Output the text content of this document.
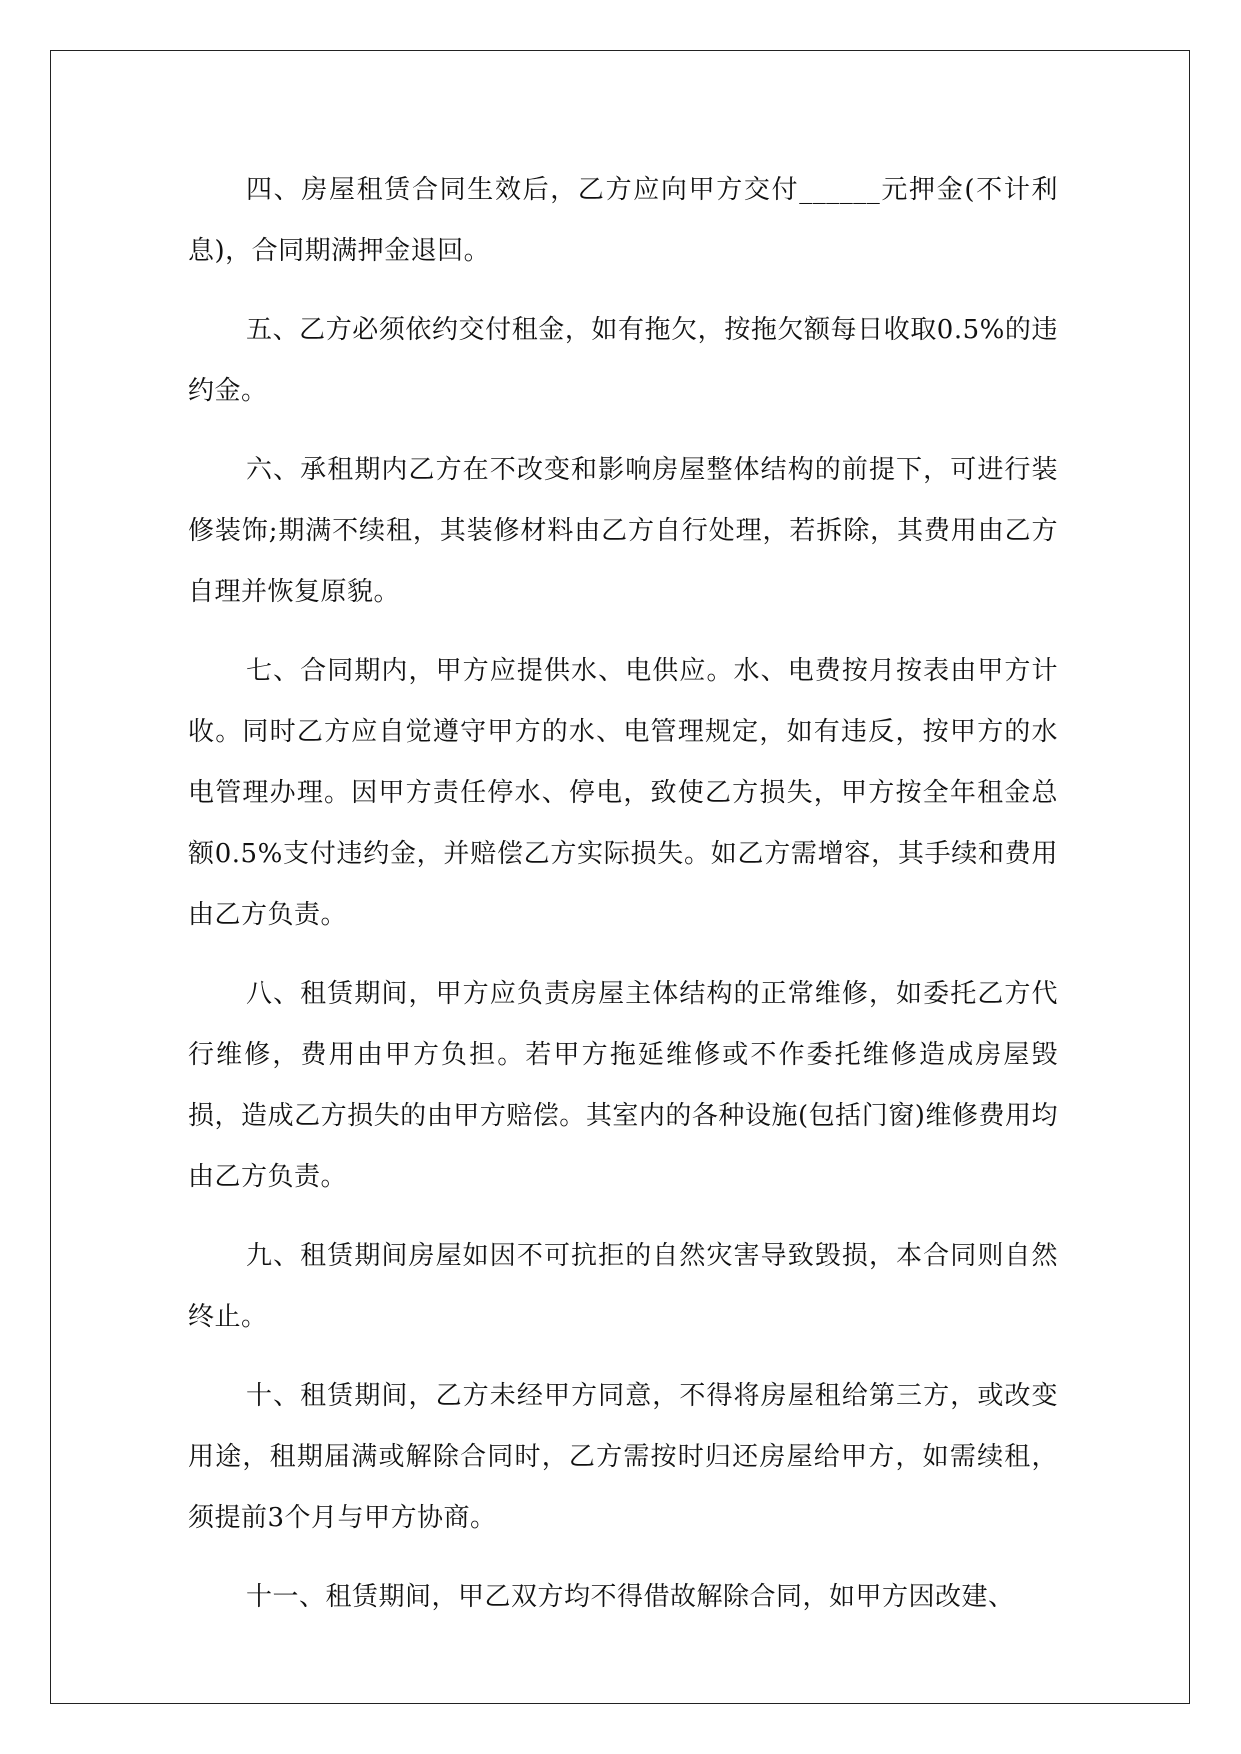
四、房屋租赁合同生效后，乙方应向甲方交付______元押金(不计利息)，合同期满押金退回。

五、乙方必须依约交付租金，如有拖欠，按拖欠额每日收取0.5%的违约金。

六、承租期内乙方在不改变和影响房屋整体结构的前提下，可进行装修装饰;期满不续租，其装修材料由乙方自行处理，若拆除，其费用由乙方自理并恢复原貌。

七、合同期内，甲方应提供水、电供应。水、电费按月按表由甲方计收。同时乙方应自觉遵守甲方的水、电管理规定，如有违反，按甲方的水电管理办理。因甲方责任停水、停电，致使乙方损失，甲方按全年租金总额0.5%支付违约金，并赔偿乙方实际损失。如乙方需增容，其手续和费用由乙方负责。

八、租赁期间，甲方应负责房屋主体结构的正常维修，如委托乙方代行维修，费用由甲方负担。若甲方拖延维修或不作委托维修造成房屋毁损，造成乙方损失的由甲方赔偿。其室内的各种设施(包括门窗)维修费用均由乙方负责。

九、租赁期间房屋如因不可抗拒的自然灾害导致毁损，本合同则自然终止。

十、租赁期间，乙方未经甲方同意，不得将房屋租给第三方，或改变用途，租期届满或解除合同时，乙方需按时归还房屋给甲方，如需续租，须提前3个月与甲方协商。

十一、租赁期间，甲乙双方均不得借故解除合同，如甲方因改建、
